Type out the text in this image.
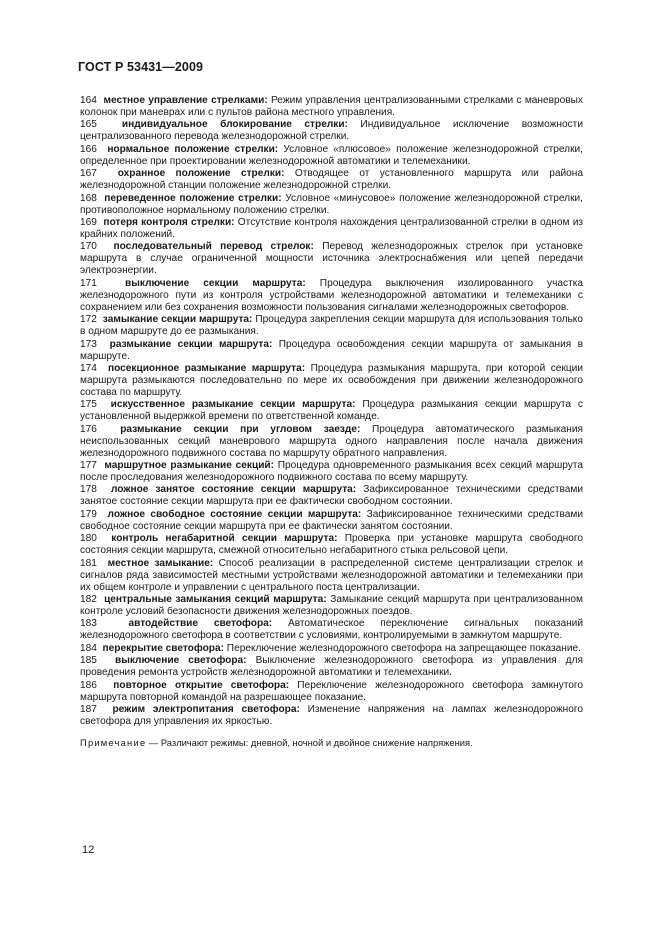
ГОСТ Р 53431—2009
164 местное управление стрелками: Режим управления централизованными стрелками с маневровых колонок при маневрах или с пультов района местного управления.
165 индивидуальное блокирование стрелки: Индивидуальное исключение возможности централизованного перевода железнодорожной стрелки.
166 нормальное положение стрелки: Условное «плюсовое» положение железнодорожной стрелки, определенное при проектировании железнодорожной автоматики и телемеханики.
167 охранное положение стрелки: Отводящее от установленного маршрута или района железнодорожной станции положение железнодорожной стрелки.
168 переведенное положение стрелки: Условное «минусовое» положение железнодорожной стрелки, противоположное нормальному положению стрелки.
169 потеря контроля стрелки: Отсутствие контроля нахождения централизованной стрелки в одном из крайних положений.
170 последовательный перевод стрелок: Перевод железнодорожных стрелок при установке маршрута в случае ограниченной мощности источника электроснабжения или цепей передачи электроэнергии.
171	выключение секции маршрута: Процедура выключения изолированного участка железнодорожного пути из контроля устройствами железнодорожной автоматики и телемеханики с сохранением или без сохранения возможности пользования сигналами железнодорожных светофоров.
172 замыкание секции маршрута: Процедура закрепления секции маршрута для использования только в одном маршруте до ее размыкания.
173 размыкание секции маршрута: Процедура освобождения секции маршрута от замыкания в маршруте.
174 посекционное размыкание маршрута: Процедура размыкания маршрута, при которой секции маршрута размыкаются последовательно по мере их освобождения при движении железнодорожного состава по маршруту.
175 искусственное размыкание секции маршрута: Процедура размыкания секции маршрута с установленной выдержкой времени по ответственной команде.
176 размыкание секции при угловом заезде: Процедура автоматического размыкания неиспользованных секций маневрового маршрута одного направления после начала движения железнодорожного подвижного состава по маршруту обратного направления.
177 маршрутное размыкание секций: Процедура одновременного размыкания всех секций маршрута после проследования железнодорожного подвижного состава по всему маршруту.
178 ложное занятое состояние секции маршрута: Зафиксированное техническими средствами занятое состояние секции маршрута при ее фактически свободном состоянии.
179 ложное свободное состояние секции маршрута: Зафиксированное техническими средствами свободное состояние секции маршрута при ее фактически занятом состоянии.
180 контроль негабаритной секции маршрута: Проверка при установке маршрута свободного состояния секции маршрута, смежной относительно негабаритного стыка рельсовой цепи.
181 местное замыкание: Способ реализации в распределенной системе централизации стрелок и сигналов ряда зависимостей местными устройствами железнодорожной автоматики и телемеханики при их общем контроле и управлении с центрального поста централизации.
182 центральные замыкания секций маршрута: Замыкание секций маршрута при централизованном контроле условий безопасности движения железнодорожных поездов.
183	автодействие светофора: Автоматическое переключение сигнальных показаний железнодорожного светофора в соответствии с условиями, контролируемыми в замкнутом маршруте.
184 перекрытие светофора: Переключение железнодорожного светофора на запрещающее показание.
185 выключение светофора: Выключение железнодорожного светофора из управления для проведения ремонта устройств железнодорожной автоматики и телемеханики.
186 повторное открытие светофора: Переключение железнодорожного светофора замкнутого маршрута повторной командой на разрешающее показание.
187 режим электропитания светофора: Изменение напряжения на лампах железнодорожного светофора для управления их яркостью.
Примечание — Различают режимы: дневной, ночной и двойное снижение напряжения.
12
